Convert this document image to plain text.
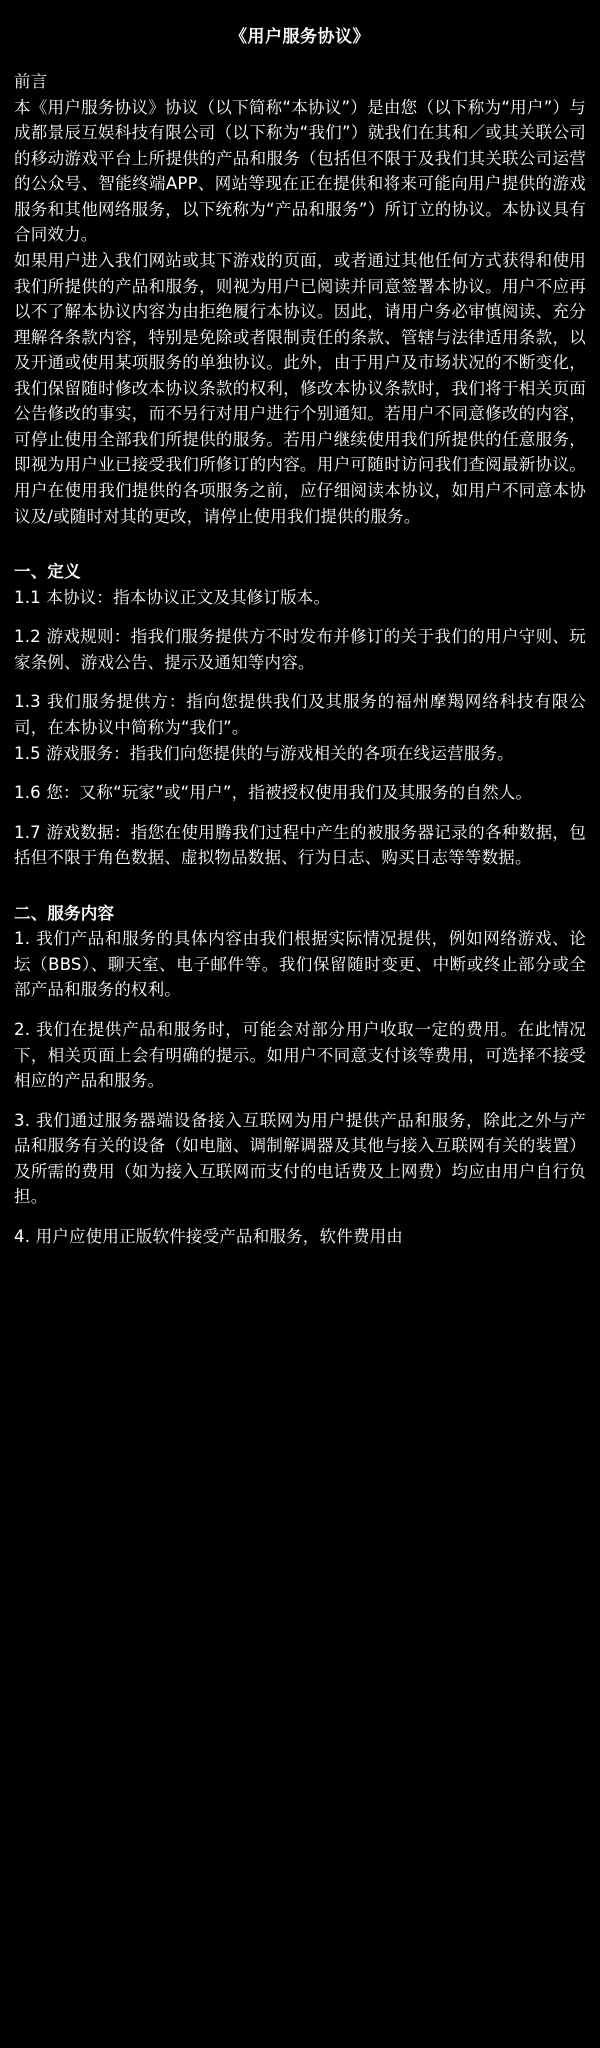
《用户服务协议》
前言
本《用户服务协议》协议（以下简称“本协议”）是由您（以下称为“用户”）与成都景辰互娱科技有限公司（以下称为“我们”）就我们在其和／或其关联公司的移动游戏平台上所提供的产品和服务（包括但不限于及我们其关联公司运营的公众号、智能终端APP、网站等现在正在提供和将来可能向用户提供的游戏服务和其他网络服务，以下统称为“产品和服务”）所订立的协议。本协议具有合同效力。
如果用户进入我们网站或其下游戏的页面，或者通过其他任何方式获得和使用我们所提供的产品和服务，则视为用户已阅读并同意签署本协议。用户不应再以不了解本协议内容为由拒绝履行本协议。因此，请用户务必审慎阅读、充分理解各条款内容，特别是免除或者限制责任的条款、管辖与法律适用条款，以及开通或使用某项服务的单独协议。此外，由于用户及市场状况的不断变化，我们保留随时修改本协议条款的权利，修改本协议条款时，我们将于相关页面公告修改的事实，而不另行对用户进行个别通知。若用户不同意修改的内容，可停止使用全部我们所提供的服务。若用户继续使用我们所提供的任意服务，即视为用户业已接受我们所修订的内容。用户可随时访问我们查阅最新协议。用户在使用我们提供的各项服务之前，应仔细阅读本协议，如用户不同意本协议及/或随时对其的更改，请停止使用我们提供的服务。
一、定义
1.1 本协议：指本协议正文及其修订版本。
1.2 游戏规则：指我们服务提供方不时发布并修订的关于我们的用户守则、玩家条例、游戏公告、提示及通知等内容。
1.3 我们服务提供方：指向您提供我们及其服务的福州摩羯网络科技有限公司，在本协议中简称为“我们”。
1.5 游戏服务：指我们向您提供的与游戏相关的各项在线运营服务。
1.6 您：又称“玩家”或“用户”，指被授权使用我们及其服务的自然人。
1.7 游戏数据：指您在使用腾我们过程中产生的被服务器记录的各种数据，包括但不限于角色数据、虚拟物品数据、行为日志、购买日志等等数据。
二、服务内容
1. 我们产品和服务的具体内容由我们根据实际情况提供，例如网络游戏、论坛（BBS）、聊天室、电子邮件等。我们保留随时变更、中断或终止部分或全部产品和服务的权利。
2. 我们在提供产品和服务时，可能会对部分用户收取一定的费用。在此情况下，相关页面上会有明确的提示。如用户不同意支付该等费用，可选择不接受相应的产品和服务。
3. 我们通过服务器端设备接入互联网为用户提供产品和服务，除此之外与产品和服务有关的设备（如电脑、调制解调器及其他与接入互联网有关的装置）及所需的费用（如为接入互联网而支付的电话费及上网费）均应由用户自行负担。
4. 用户应使用正版软件接受产品和服务，软件费用由
